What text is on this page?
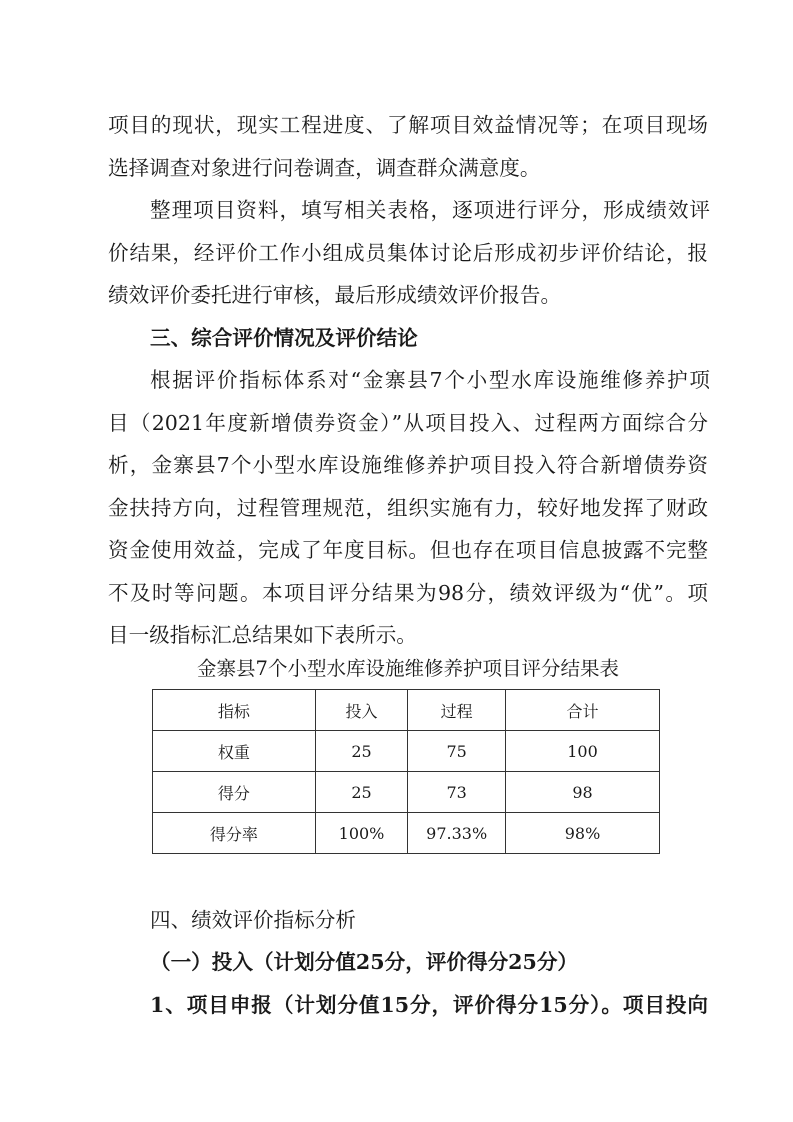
项目的现状，现实工程进度、了解项目效益情况等；在项目现场
选择调查对象进行问卷调查，调查群众满意度。
整理项目资料，填写相关表格，逐项进行评分，形成绩效评
价结果，经评价工作小组成员集体讨论后形成初步评价结论，报
绩效评价委托进行审核，最后形成绩效评价报告。
三、综合评价情况及评价结论
根据评价指标体系对“金寨县7个小型水库设施维修养护项
目（2021年度新增债券资金）”从项目投入、过程两方面综合分
析，金寨县7个小型水库设施维修养护项目投入符合新增债券资
金扶持方向，过程管理规范，组织实施有力，较好地发挥了财政
资金使用效益，完成了年度目标。但也存在项目信息披露不完整
不及时等问题。本项目评分结果为98分，绩效评级为“优”。项
目一级指标汇总结果如下表所示。
金寨县7个小型水库设施维修养护项目评分结果表
指标	投入	过程	合计
权重	25	75	100
得分	25	73	98
得分率	100%	97.33%	98%
四、绩效评价指标分析
（一）投入（计划分值25分，评价得分25分）
1、项目申报（计划分值15分，评价得分15分）。项目投向
